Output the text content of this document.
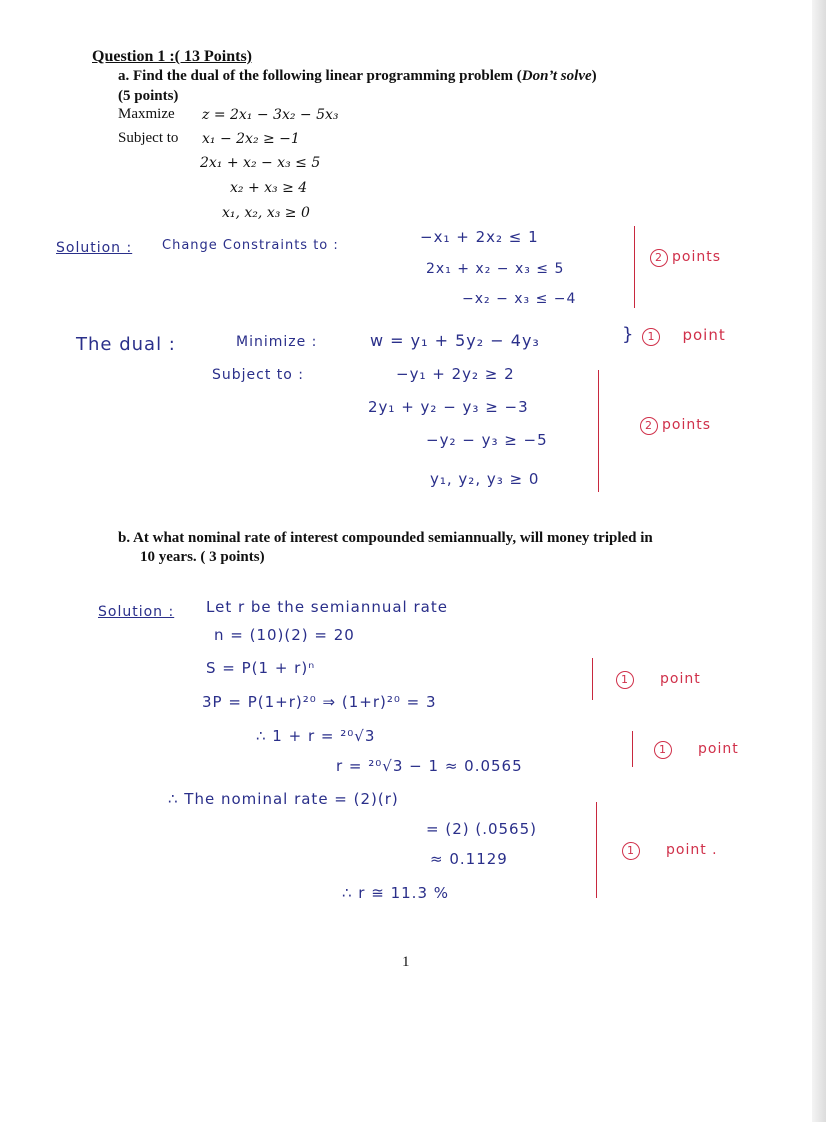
Question 1 :( 13 Points)
a. Find the dual of the following linear programming problem (Don’t solve)
(5 points)
Maxmize z = 2x₁ − 3x₂ − 5x₃
Subject to x₁ − 2x₂ ≥ −1
2x₁ + x₂ − x₃ ≤ 5
x₂ + x₃ ≥ 4
x₁, x₂, x₃ ≥ 0
Solution : Change Constraints to :	−x₁ + 2x₂ ≤ 1
2x₁ + x₂ − x₃ ≤ 5
−x₂ − x₃ ≤ −4
2 points
The dual :	Minimize :	w = y₁ + 5y₂ − 4y₃	} 1 point
Subject to :	−y₁ + 2y₂ ≥ 2
2y₁ + y₂ − y₃ ≥ −3
−y₂ − y₃ ≥ −5
y₁, y₂, y₃ ≥ 0
2 points
b. At what nominal rate of interest compounded semiannually, will money tripled in
10 years. ( 3 points)
Solution : Let r be the semiannual rate
n = (10)(2) = 20
S = P(1 + r)ⁿ
3P = P(1+r)²⁰ ⇒ (1+r)²⁰ = 3
∴ 1 + r = ²⁰√3
r = ²⁰√3 − 1 ≈ 0.0565
1 point
1 point
∴ The nominal rate = (2)(r)
= (2) (.0565)
≈ 0.1129
∴ r ≅ 11.3 %
1 point .
1
